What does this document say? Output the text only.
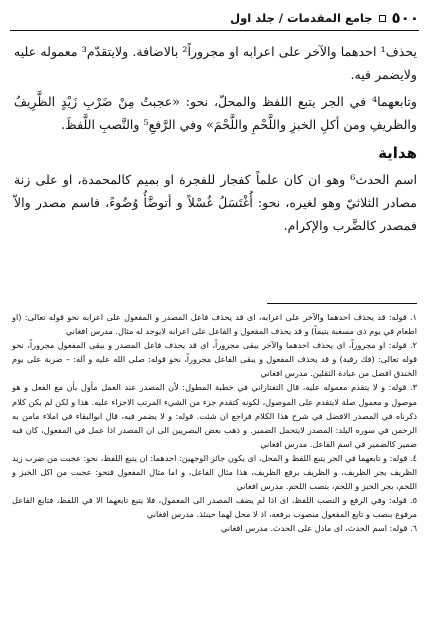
٥٠٠
جامع المقدمات / جلد اول

يحذف¹ احدهما والآخر على اعرابه او مجروراً² بالاضافة. ولايتقدّم³ معموله عليه ولايضمر فيه.

وتابعهما⁴ في الجر يتبع اللفظ والمحلّ، نحو: «عجبتُ مِنْ ضَرْبِ زَيْدٍ الظَّرِيفُ والظريفِ ومن أكلِ الخبزِ واللَّحْمِ واللَّحْمَ» وفي الرَّفعِ⁵ والنَّصبِ اللَّفظَ.

هداية

اسم الحدث⁶ وهو ان كان علماً كفجار للفجرة او بميم كالمحمدة، او على زنة مصادر الثلاثيّ وهو لغيره، نحو: أُغْتَسَلُ غُسْلاً و أتوضَّأُ وُضُوءً، فاسم مصدر والاّ فمصدر كالضَّرب والإكرام.

١. قوله: قد يحذف احدهما والآخر على اعرابه، اى قد يحذف فاعل المصدر و المفعول على اعرابه نحو قوله تعالى: (او اطعام في يوم ذى مسغبة يتيماً) و قد يحذف المفعول و الفاعل على اعرابه لايوجد له مثال. مدرس افغاني

٢. قوله: او مجروراً، اى يحذف احدهما والآخر يبقى مجروراً، اى قد يحذف فاعل المصدر و يبقى المفعول مجروراً، نحو قوله تعالى: (فك رقبة) و قد يحذف المفعول و يبقى الفاعل مجروراً، نحو قوله: صلى الله عليه و آله: – ضربة على يوم الخندق افضل من عبادة الثقلين. مدرس افغاني

٣. قوله: و لا يتقدم معموله عليه، قال التفتازاني في خطبة المطول: لأن المصدر عند العمل مأول بأن مع الفعل و هو موصول و معمول صلة لايتقدم على الموصول، لكونه كتقدم جزء من الشيء المرتب الاجزاء عليه. هذا و لكن لم يكن كلام ذكرناه في المصدر الافضل في شرح هذا الكلام فراجع ان شئت. قوله: و لا يضمر فيه، قال ابوالبقاء في املاء مامن به الرحمن في سوره البلد: المصدر لايتحمل الضمير. و ذهب بعض البصريين الى ان المصدر اذا عمل في المفعول، كان فيه ضمير كالضمير في اسم الفاعل. مدرس افغاني

٤. قوله: و تابعهما في الجر يتبع اللفظ و المحل، اى يكون جائز الوجهين: احدهما: ان يتبع اللفظ، نحو: عجبت من ضرب زيد الظريف بجر الظريف، و الظريف برفع الظريف، هذا مثال الفاعل، و اما مثال المفعول فنحو: عجبت من اكل الخبز و اللحم، بجر الخبز و اللحم، بنصب اللحم. مدرس افغاني

٥. قوله: وفي الرفع و النصب اللفظ، اى اذا لم يضف المصدر الى المعمول، فلا يتبع تابعهما الا في اللفظ، فتابع الفاعل مرفوع بنصب و تابع المفعول منصوب برفعه، اذ لا محل لهما حينئذ. مدرس افغاني

٦. قوله: اسم الحدث، اى مادل على الحدث. مدرس افغاني
